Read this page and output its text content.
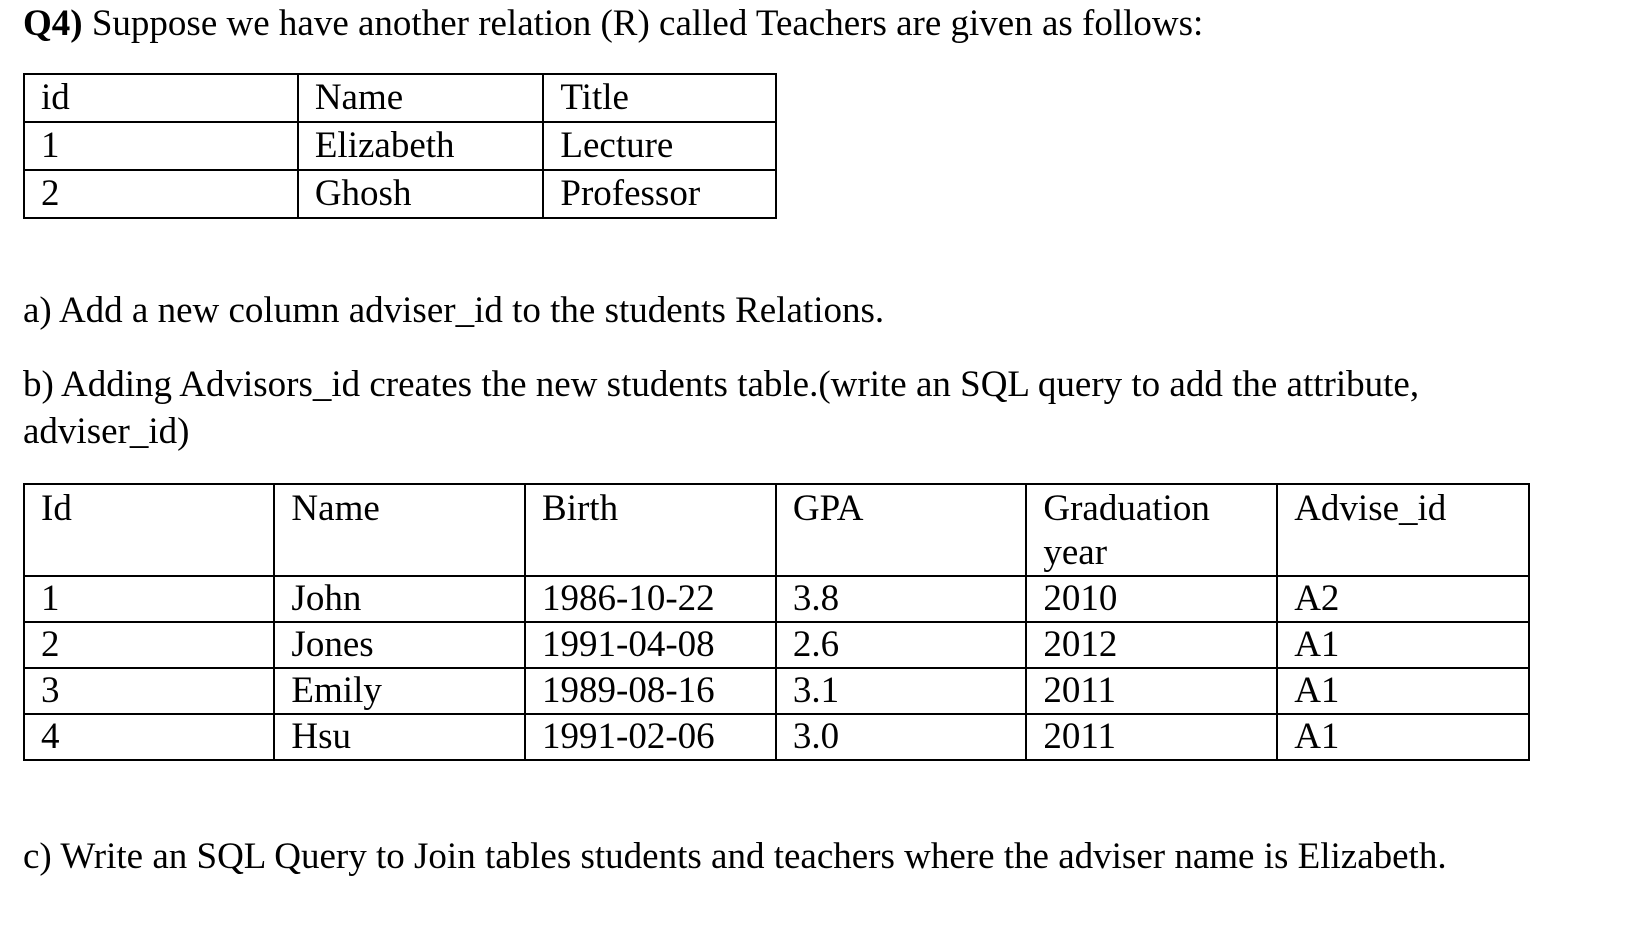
Q4) Suppose we have another relation (R) called Teachers are given as follows:
id	Name	Title
1	Elizabeth	Lecture
2	Ghosh	Professor
a) Add a new column adviser_id to the students Relations.
b) Adding Advisors_id creates the new students table.(write an SQL query to add the attribute,
adviser_id)
Id	Name	Birth	GPA	Graduation year	Advise_id
1	John	1986-10-22	3.8	2010	A2
2	Jones	1991-04-08	2.6	2012	A1
3	Emily	1989-08-16	3.1	2011	A1
4	Hsu	1991-02-06	3.0	2011	A1
c) Write an SQL Query to Join tables students and teachers where the adviser name is Elizabeth.
